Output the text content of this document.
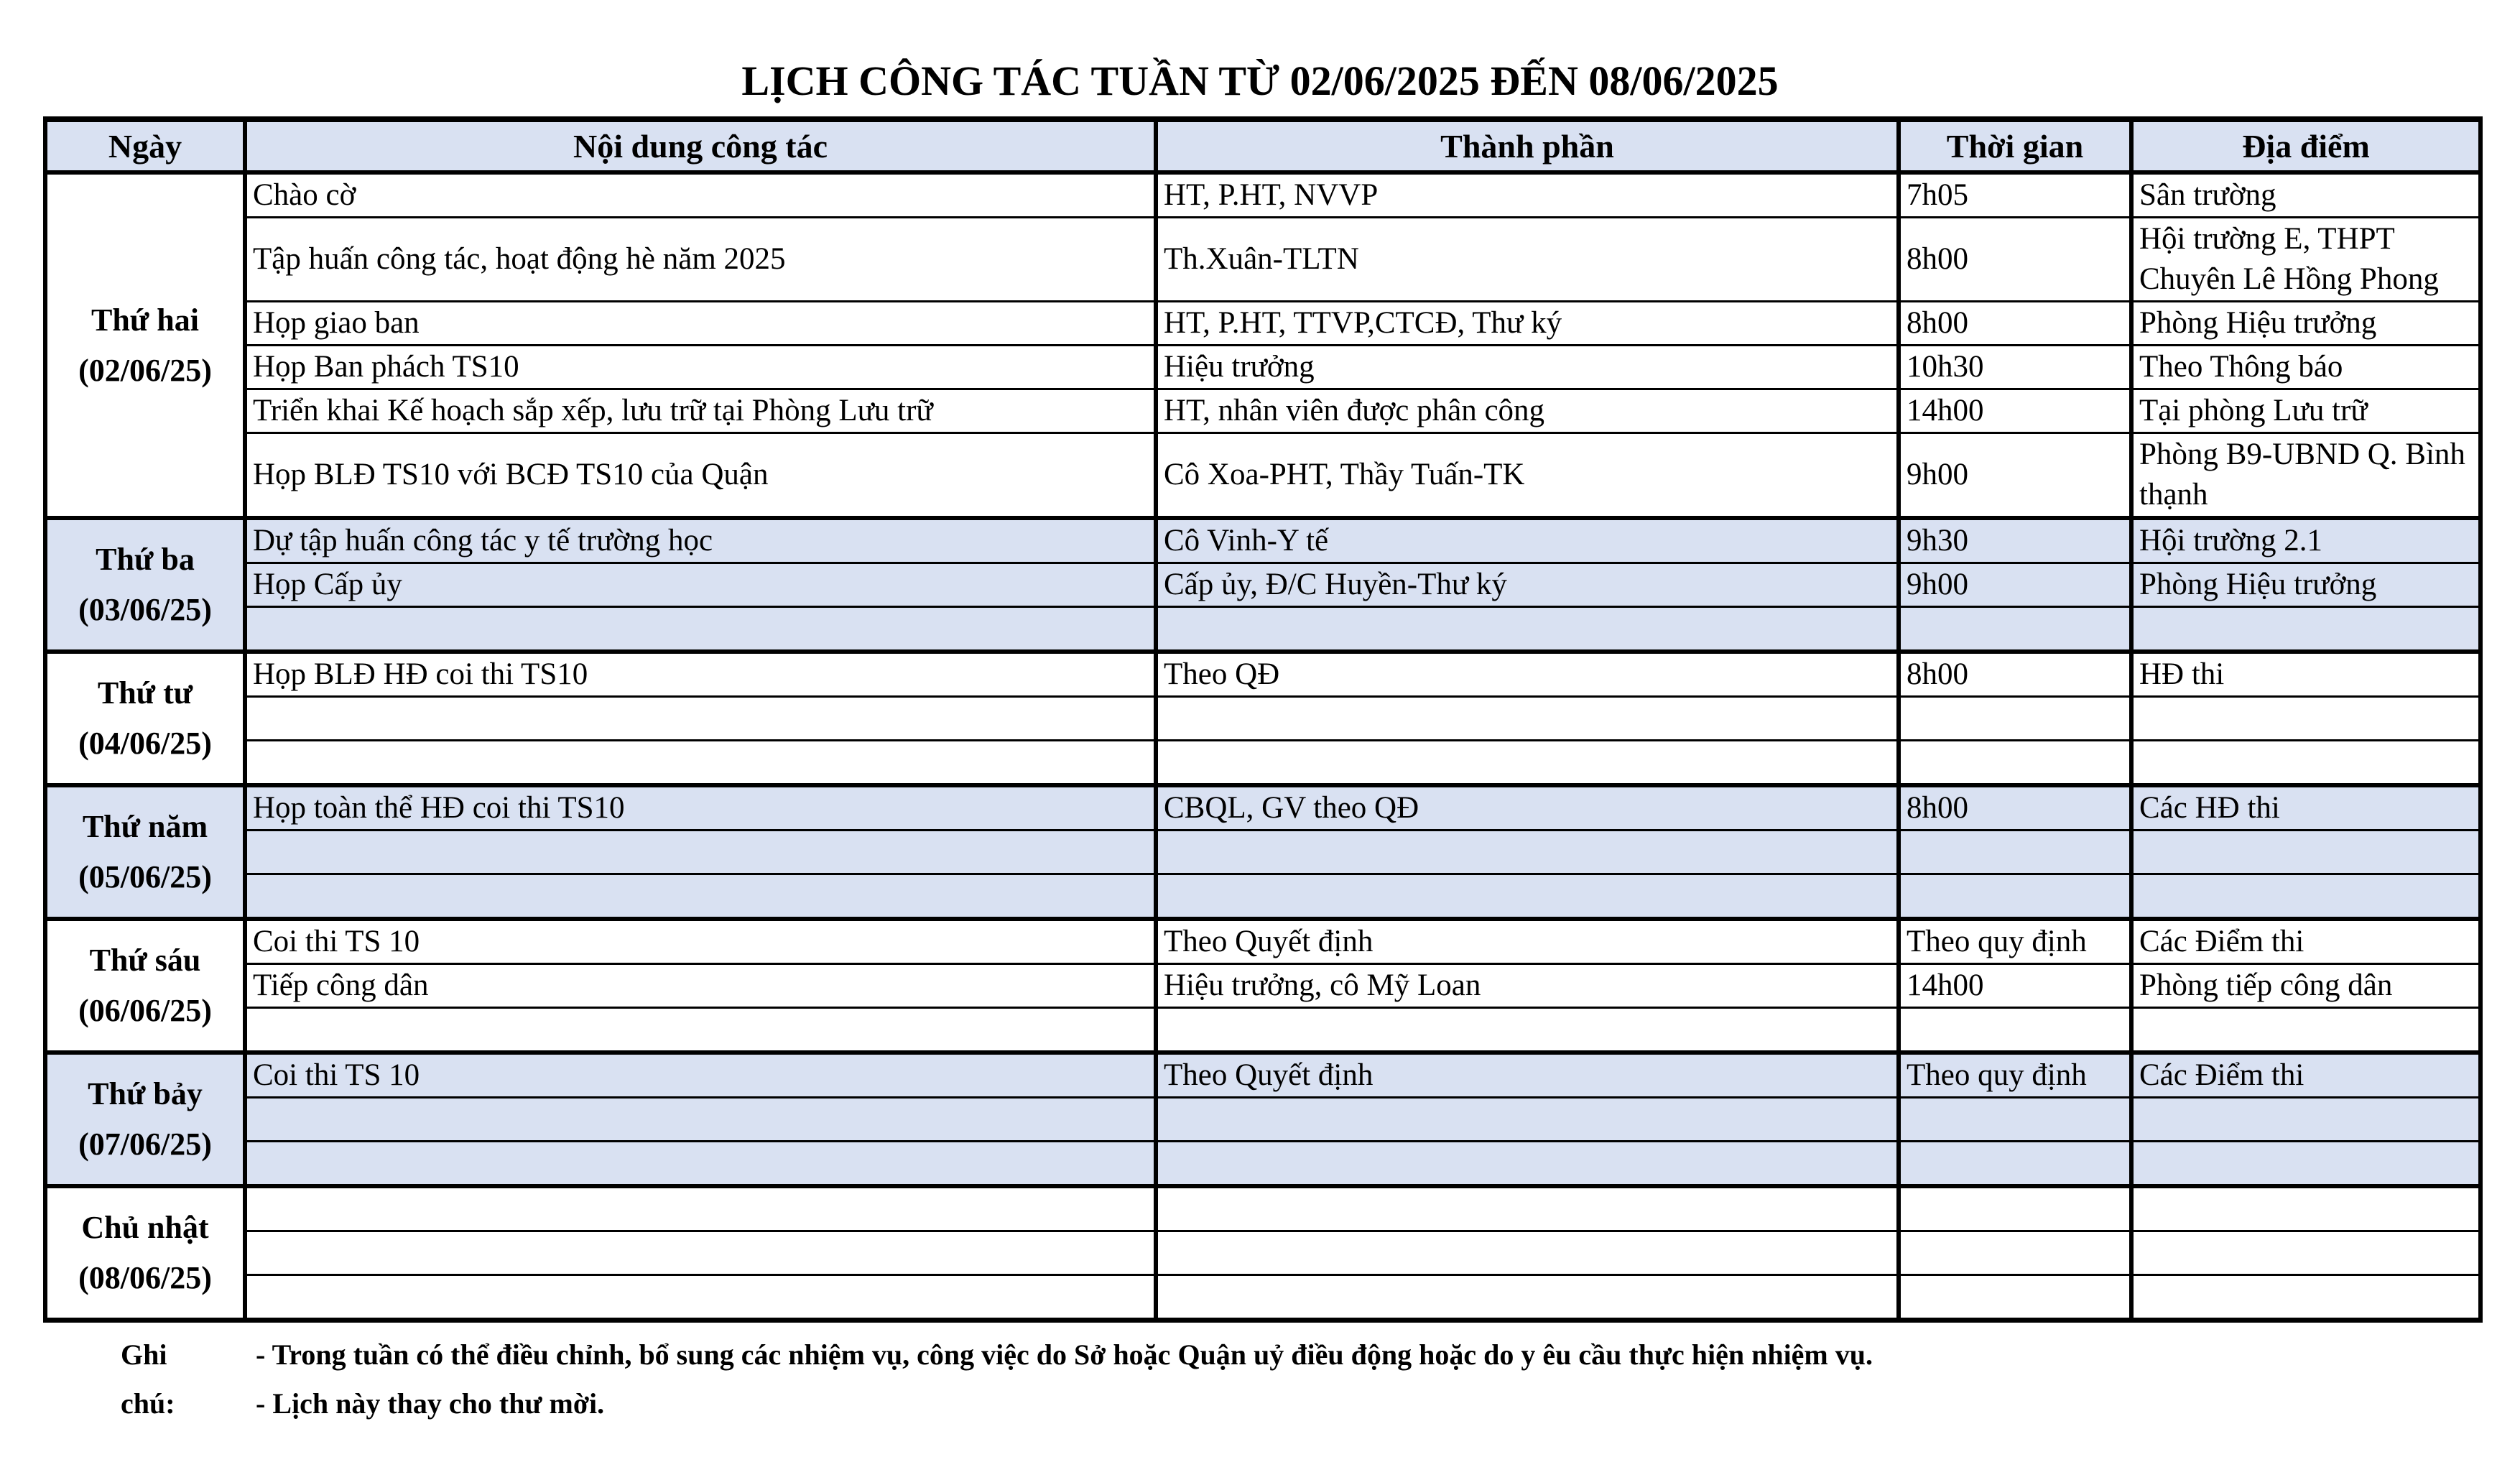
LỊCH CÔNG TÁC TUẦN TỪ 02/06/2025 ĐẾN 08/06/2025
Ngày	Nội dung công tác	Thành phần	Thời gian	Địa điểm

Thứ hai
(02/06/25)	Chào cờ	HT, P.HT, NVVP	7h05	Sân trường
	Tập huấn công tác, hoạt động hè năm 2025	Th.Xuân-TLTN	8h00	Hội trường E, THPT Chuyên Lê Hồng Phong
	Họp giao ban	HT, P.HT, TTVP,CTCĐ, Thư ký	8h00	Phòng Hiệu trưởng
	Họp Ban phách TS10	Hiệu trưởng	10h30	Theo Thông báo
	Triển khai Kế hoạch sắp xếp, lưu trữ tại Phòng Lưu trữ	HT, nhân viên được phân công	14h00	Tại phòng Lưu trữ
	Họp BLĐ TS10 với BCĐ TS10 của Quận	Cô Xoa-PHT, Thầy Tuấn-TK	9h00	Phòng B9-UBND Q. Bình thạnh

Thứ ba
(03/06/25)	Dự tập huấn công tác y tế trường học	Cô Vinh-Y tế	9h30	Hội trường 2.1
	Họp Cấp ủy	Cấp ủy, Đ/C Huyền-Thư ký	9h00	Phòng Hiệu trưởng

Thứ tư
(04/06/25)	Họp BLĐ HĐ coi thi TS10	Theo QĐ	8h00	HĐ thi

Thứ năm
(05/06/25)	Họp toàn thể HĐ coi thi TS10	CBQL, GV theo QĐ	8h00	Các HĐ thi

Thứ sáu
(06/06/25)	Coi thi TS 10	Theo Quyết định	Theo quy định	Các Điểm thi
	Tiếp công dân	Hiệu trưởng, cô Mỹ Loan	14h00	Phòng tiếp công dân

Thứ bảy
(07/06/25)	Coi thi TS 10	Theo Quyết định	Theo quy định	Các Điểm thi

Chủ nhật
(08/06/25)				

Ghi chú:
- Trong tuần có thể điều chỉnh, bổ sung các nhiệm vụ, công việc do Sở hoặc Quận uỷ điều động hoặc do y êu cầu thực hiện nhiệm vụ.
- Lịch này thay cho thư mời.
